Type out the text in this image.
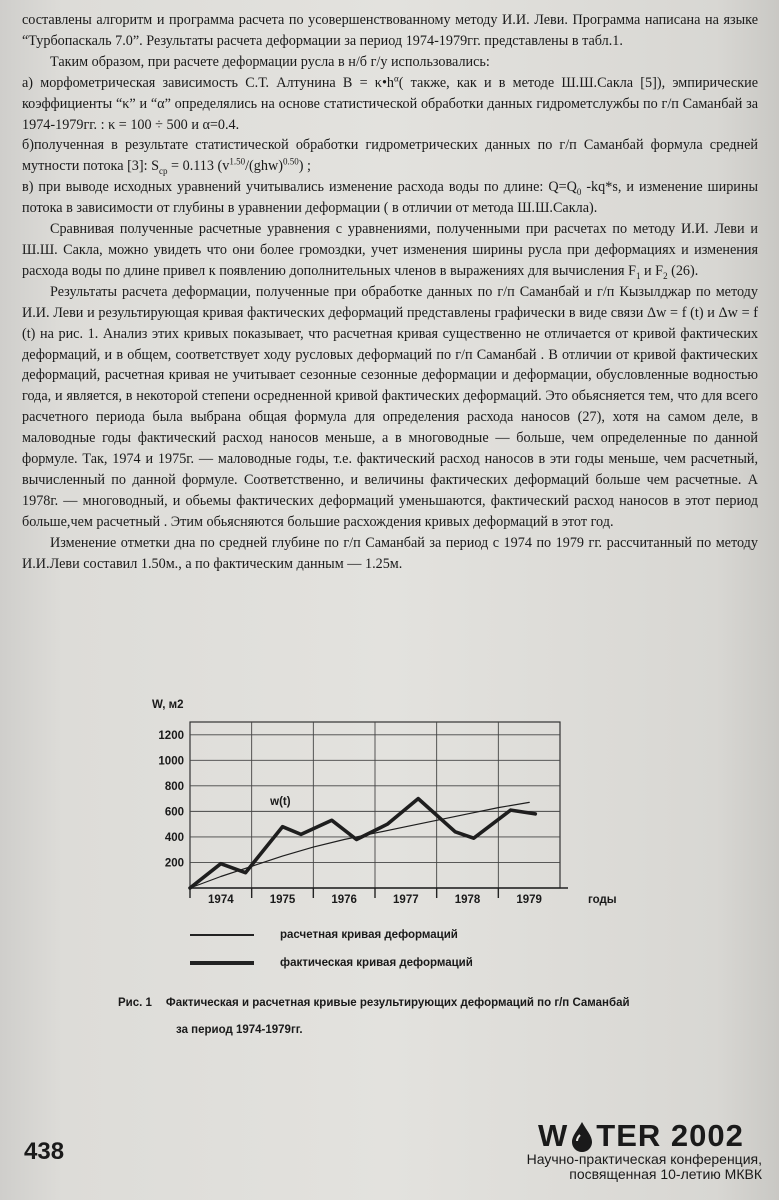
составлены алгоритм и программа расчета по усовершенствованному методу И.И. Леви. Программа написана на языке “Турбопаскаль 7.0”. Результаты расчета деформации за период 1974-1979гг. представлены в табл.1.

Таким образом, при расчете деформации русла в н/б г/у использовались:

а) морфометрическая зависимость С.Т. Алтунина $B = \kappa•h^\alpha$( также, как и в методе Ш.Ш.Сакла [5]), эмпирические коэффициенты “κ” и “α” определялись на основе статистической обработки данных гидрометслужбы по г/п Саманбай за 1974-1979гг. : κ = 100 ÷ 500 и α=0.4.

б)полученная в результате статистической обработки гидрометрических данных по г/п Саманбай формула средней мутности потока [3]: $S_{ср} = 0.113$ $(v^{1.50}/(ghw)^{0.50})$ ;

в) при выводе исходных уравнений учитывались изменение расхода воды по длине: $Q=Q_0$ -kq*s, и изменение ширины потока в зависимости от глубины в уравнении деформации ( в отличии от метода Ш.Ш.Сакла).

Сравнивая полученные расчетные уравнения с уравнениями, полученными при расчетах по методу И.И. Леви и Ш.Ш. Сакла, можно увидеть что они более громоздки, учет изменения ширины русла при деформациях и изменения расхода воды по длине привел к появлению дополнительных членов в выражениях для вычисления $F_1$ и $F_2$ (26).

Результаты расчета деформации, полученные при обработке данных по г/п Саманбай и г/п Кызылджар по методу И.И. Леви и результирующая кривая фактических деформаций представлены графически в виде связи Δw = f (t) и Δw = f (t) на рис. 1. Анализ этих кривых показывает, что расчетная кривая существенно не отличается от кривой фактических деформаций, и в общем, соответствует ходу русловых деформаций по г/п Саманбай . В отличии от кривой фактических деформаций, расчетная кривая не учитывает сезонные сезонные деформации и деформации, обусловленные водностью года, и является, в некоторой степени осредненной кривой фактических деформаций. Это обьясняется тем, что для всего расчетного периода была выбрана общая формула для определения расхода наносов (27), хотя на самом деле, в маловодные годы фактический расход наносов меньше, а в многоводные — больше, чем определенные по данной формуле. Так, 1974 и 1975г. — маловодные годы, т.е. фактический расход наносов в эти годы меньше, чем расчетный, вычисленный по данной формуле. Соответственно, и величины фактических деформаций больше чем расчетные. А 1978г. — многоводный, и обьемы фактических деформаций уменьшаются, фактический расход наносов в этот период больше,чем расчетный . Этим обьясняются большие расхождения кривых деформаций в этот год.

Изменение отметки дна по средней глубине по г/п Саманбай за период с 1974 по 1979 гг. рассчитанный по методу И.И.Леви составил 1.50м., а по фактическим данным — 1.25м.

200
400
600
800
1000
1200
1974	1975	1976	1977	1978	1979	годы
W, м2
w(t)
расчетная кривая деформаций
фактическая кривая деформаций
Рис. 1 Фактическая и расчетная кривые результирующих деформаций по г/п Саманбай
за период 1974-1979гг.
438	W TER 2002
Научно-практическая конференция,
посвященная 10-летию МКВК
